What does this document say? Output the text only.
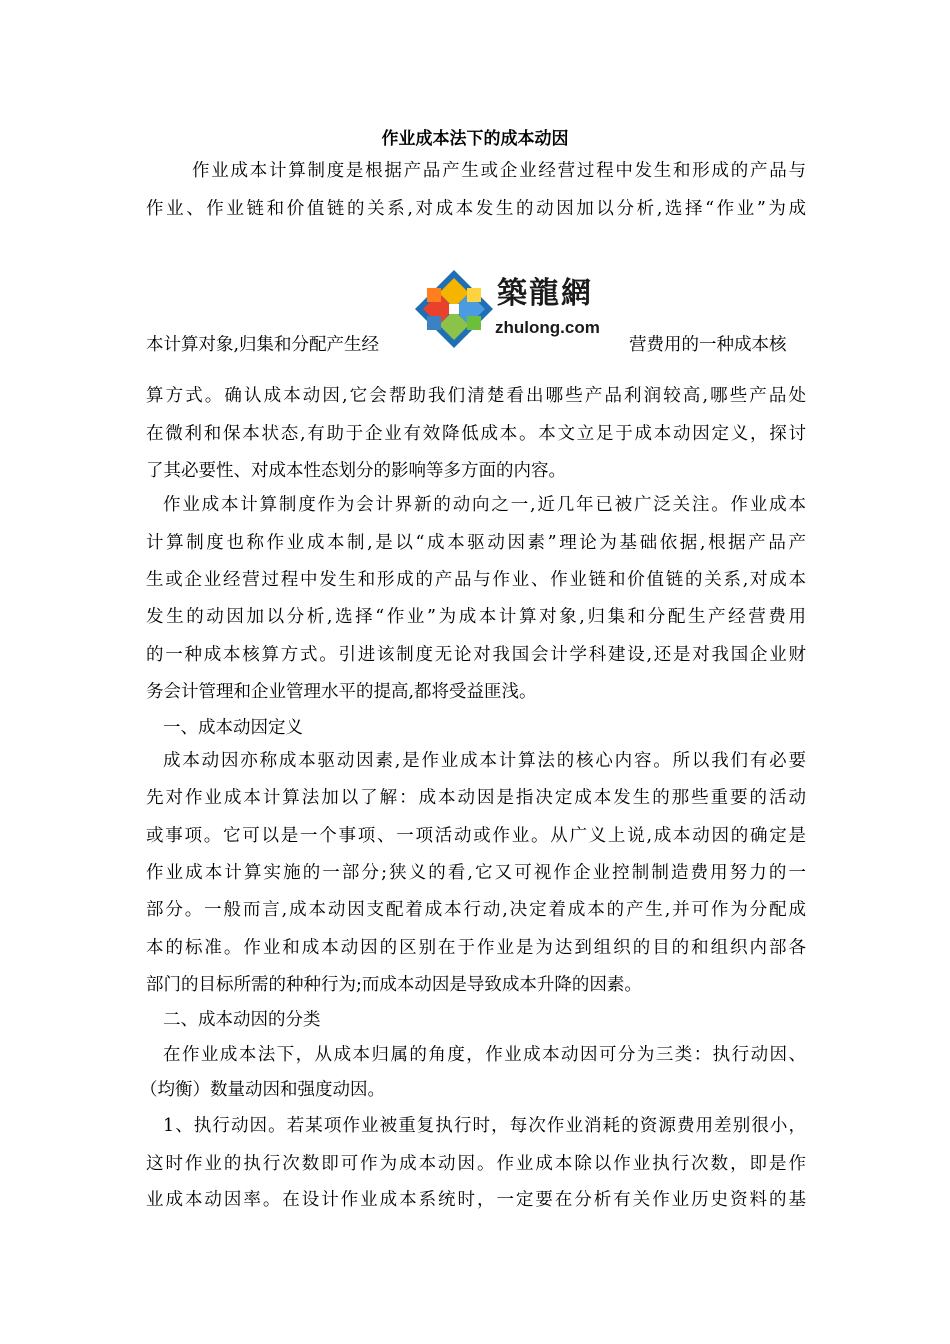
作业成本法下的成本动因
作业成本计算制度是根据产品产生或企业经营过程中发生和形成的产品与
作业、作业链和价值链的关系,对成本发生的动因加以分析,选择“作业”为成
築龍網
zhulong.com
本计算对象,归集和分配产生经	营费用的一种成本核
算方式。确认成本动因,它会帮助我们清楚看出哪些产品利润较高,哪些产品处
在微利和保本状态,有助于企业有效降低成本。本文立足于成本动因定义，探讨
了其必要性、对成本性态划分的影响等多方面的内容。
作业成本计算制度作为会计界新的动向之一,近几年已被广泛关注。作业成本
计算制度也称作业成本制,是以“成本驱动因素”理论为基础依据,根据产品产
生或企业经营过程中发生和形成的产品与作业、作业链和价值链的关系,对成本
发生的动因加以分析,选择“作业”为成本计算对象,归集和分配生产经营费用
的一种成本核算方式。引进该制度无论对我国会计学科建设,还是对我国企业财
务会计管理和企业管理水平的提高,都将受益匪浅。
一、成本动因定义
成本动因亦称成本驱动因素,是作业成本计算法的核心内容。所以我们有必要
先对作业成本计算法加以了解：成本动因是指决定成本发生的那些重要的活动
或事项。它可以是一个事项、一项活动或作业。从广义上说,成本动因的确定是
作业成本计算实施的一部分;狭义的看,它又可视作企业控制制造费用努力的一
部分。一般而言,成本动因支配着成本行动,决定着成本的产生,并可作为分配成
本的标准。作业和成本动因的区别在于作业是为达到组织的目的和组织内部各
部门的目标所需的种种行为;而成本动因是导致成本升降的因素。
二、成本动因的分类
在作业成本法下，从成本归属的角度，作业成本动因可分为三类：执行动因、
（均衡）数量动因和强度动因。
1、执行动因。若某项作业被重复执行时，每次作业消耗的资源费用差别很小，
这时作业的执行次数即可作为成本动因。作业成本除以作业执行次数，即是作
业成本动因率。在设计作业成本系统时，一定要在分析有关作业历史资料的基
